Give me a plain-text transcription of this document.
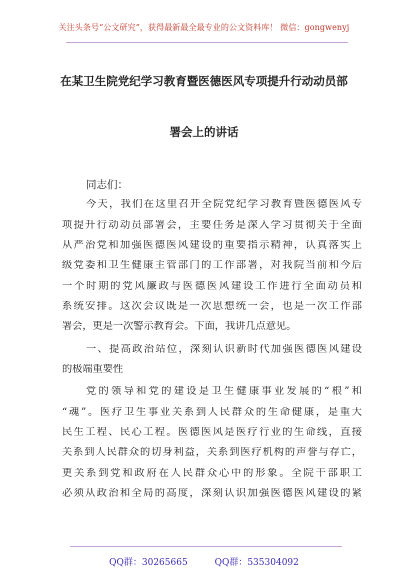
关注头条号“公文研究”，获得最新最全最专业的公文资料库！ 微信：gongwenyj
在某卫生院党纪学习教育暨医德医风专项提升行动动员部
署会上的讲话
同志们：
今天，我们在这里召开全院党纪学习教育暨医德医风专
项提升行动动员部署会，主要任务是深入学习贯彻关于全面
从严治党和加强医德医风建设的重要指示精神，认真落实上
级党委和卫生健康主管部门的工作部署，对我院当前和今后
一个时期的党风廉政与医德医风建设工作进行全面动员和
系统安排。这次会议既是一次思想统一会，也是一次工作部
署会，更是一次警示教育会。下面，我讲几点意见。
一、提高政治站位，深刻认识新时代加强医德医风建设
的极端重要性
党的领导和党的建设是卫生健康事业发展的“根”和
“魂”。医疗卫生事业关系到人民群众的生命健康，是重大
民生工程、民心工程。医德医风是医疗行业的生命线，直接
关系到人民群众的切身利益，关系到医疗机构的声誉与存亡，
更关系到党和政府在人民群众心中的形象。全院干部职工
必须从政治和全局的高度，深刻认识加强医德医风建设的紧
QQ群：30265665	QQ群：535304092
